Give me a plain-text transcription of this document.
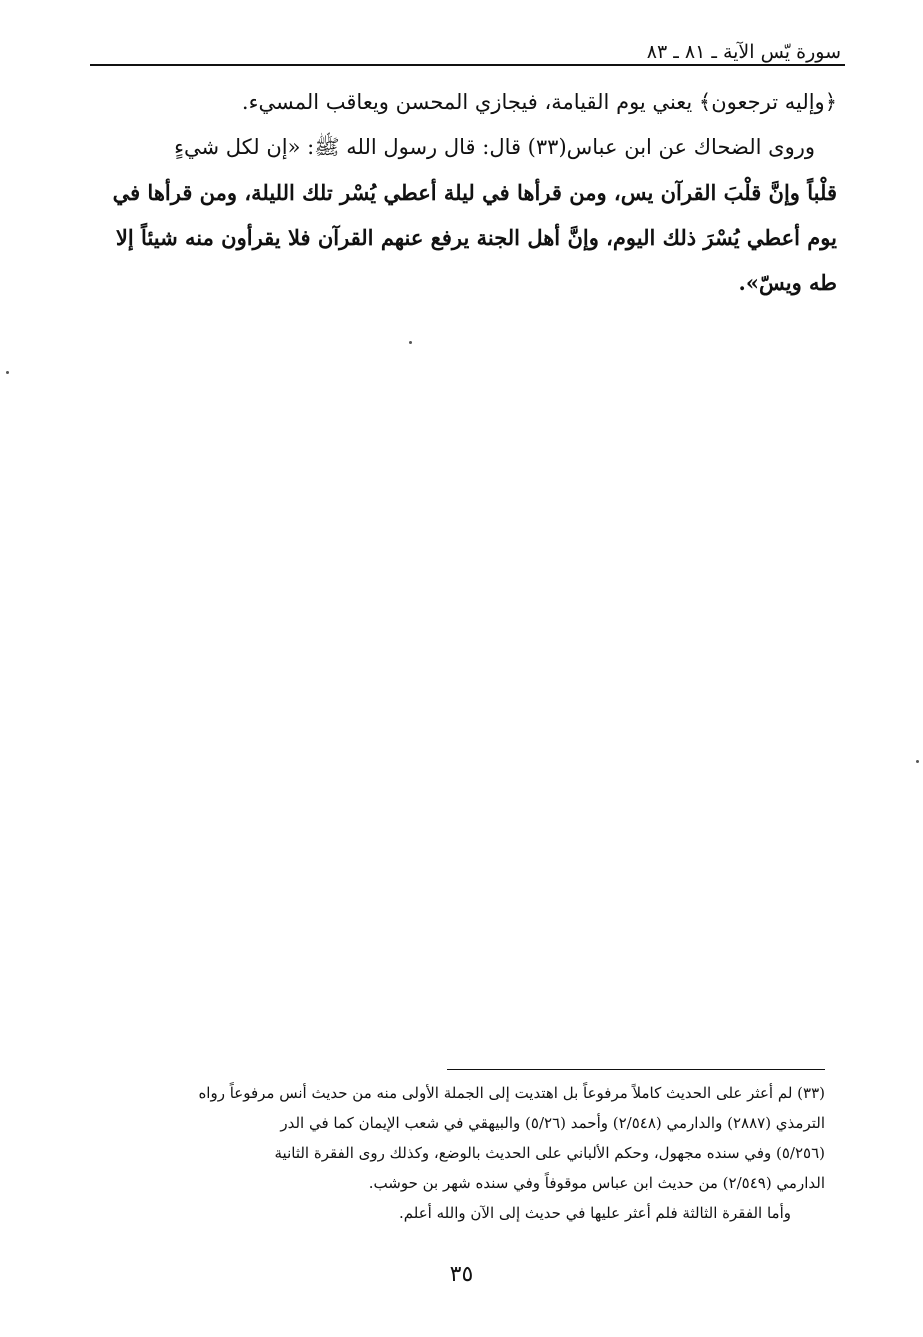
سورة يّس الآية ـ ٨١ ـ ٨٣

﴿وإليه ترجعون﴾ يعني يوم القيامة، فيجازي المحسن ويعاقب المسيء.

وروى الضحاك عن ابن عباس(٣٣) قال: قال رسول الله ﷺ: «إن لكل شيءٍ
قلْباً وإنَّ قلْبَ القرآن يس، ومن قرأها في ليلة أعطي يُسْر تلك الليلة، ومن قرأها في
يوم أعطي يُسْرَ ذلك اليوم، وإنَّ أهل الجنة يرفع عنهم القرآن فلا يقرأون منه شيئاً إلا
طه ويسّ».

(٣٣) لم أعثر على الحديث كاملاً مرفوعاً بل اهتديت إلى الجملة الأولى منه من حديث أنس مرفوعاً رواه
الترمذي (٢٨٨٧) والدارمي (٢/٥٤٨) وأحمد (٥/٢٦) والبيهقي في شعب الإيمان كما في الدر
(٥/٢٥٦) وفي سنده مجهول، وحكم الألباني على الحديث بالوضع، وكذلك روى الفقرة الثانية
الدارمي (٢/٥٤٩) من حديث ابن عباس موقوفاً وفي سنده شهر بن حوشب.
وأما الفقرة الثالثة فلم أعثر عليها في حديث إلى الآن والله أعلم.
٣٥
